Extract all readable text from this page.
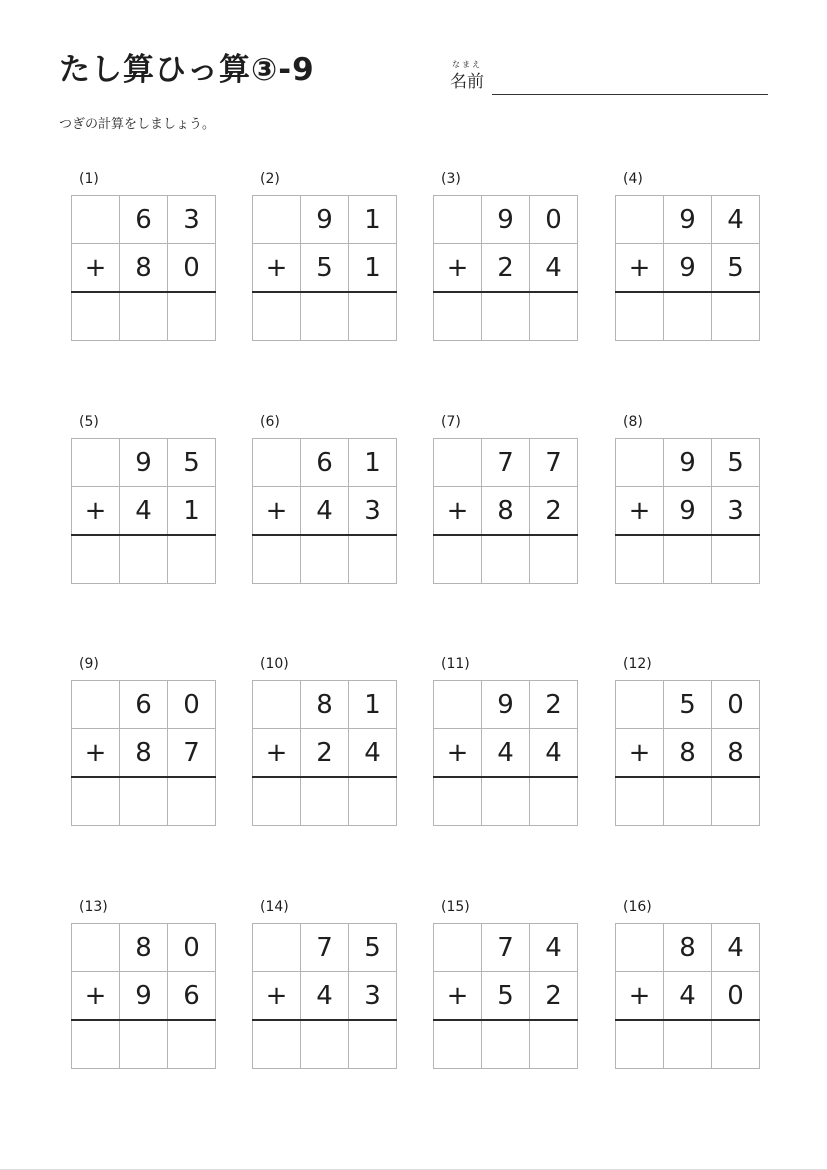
たし算ひっ算③-9	なまえ
名前
つぎの計算をしましょう。
(1)
	6	3
+	8	0

(2)
	9	1
+	5	1

(3)
	9	0
+	2	4

(4)
	9	4
+	9	5

(5)
	9	5
+	4	1

(6)
	6	1
+	4	3

(7)
	7	7
+	8	2

(8)
	9	5
+	9	3

(9)
	6	0
+	8	7

(10)
	8	1
+	2	4

(11)
	9	2
+	4	4

(12)
	5	0
+	8	8

(13)
	8	0
+	9	6

(14)
	7	5
+	4	3

(15)
	7	4
+	5	2

(16)
	8	4
+	4	0
